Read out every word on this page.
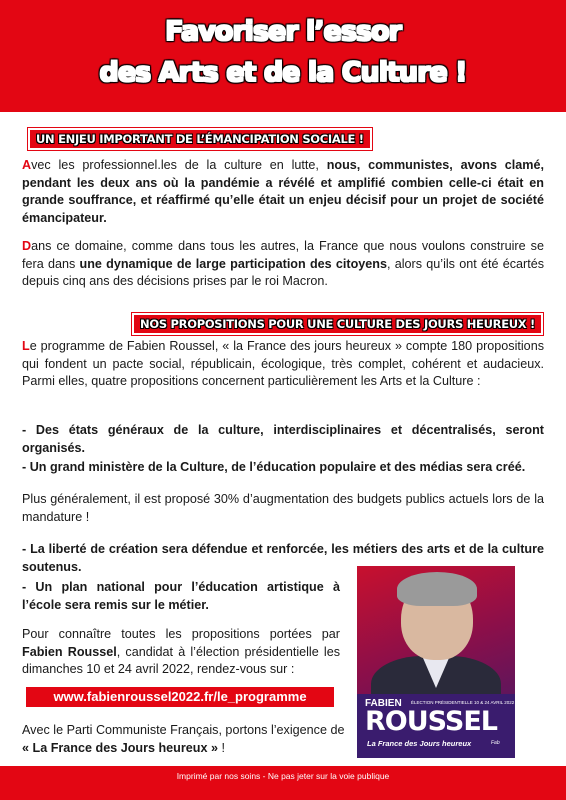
Favoriser l’essor
des Arts et de la Culture !
UN ENJEU IMPORTANT DE L’ÉMANCIPATION SOCIALE !
Avec les professionnel.les de la culture en lutte, nous, communistes, avons clamé, pendant les deux ans où la pandémie a révélé et amplifié combien celle-ci était en grande souffrance, et réaffirmé qu’elle était un enjeu décisif pour un projet de société émancipateur.
Dans ce domaine, comme dans tous les autres, la France que nous voulons construire se fera dans une dynamique de large participation des citoyens, alors qu’ils ont été écartés depuis cinq ans des décisions prises par le roi Macron.
NOS PROPOSITIONS POUR UNE CULTURE DES JOURS HEUREUX !
Le programme de Fabien Roussel, « la France des jours heureux » compte 180 propositions qui fondent un pacte social, républicain, écologique, très complet, cohérent et audacieux. Parmi elles, quatre propositions concernent particulièrement les Arts et la Culture :
- Des états généraux de la culture, interdisciplinaires et décentralisés, seront organisés.
- Un grand ministère de la Culture, de l’éducation populaire et des médias sera créé.
Plus généralement, il est proposé 30% d’augmentation des budgets publics actuels lors de la mandature !
- La liberté de création sera défendue et renforcée, les métiers des arts et de la culture soutenus.
- Un plan national pour l’éducation artistique à l’école sera remis sur le métier.
Pour connaître toutes les propositions portées par Fabien Roussel, candidat à l’élection présidentielle les dimanches 10 et 24 avril 2022, rendez-vous sur :
www.fabienroussel2022.fr/le_programme
Avec le Parti Communiste Français, portons l’exigence de « La France des Jours heureux » !
FABIEN ÉLECTION PRÉSIDENTIELLE 10 & 24 AVRIL 2022
ROUSSEL
La France des Jours heureux	Fab
Imprimé par nos soins - Ne pas jeter sur la voie publique
